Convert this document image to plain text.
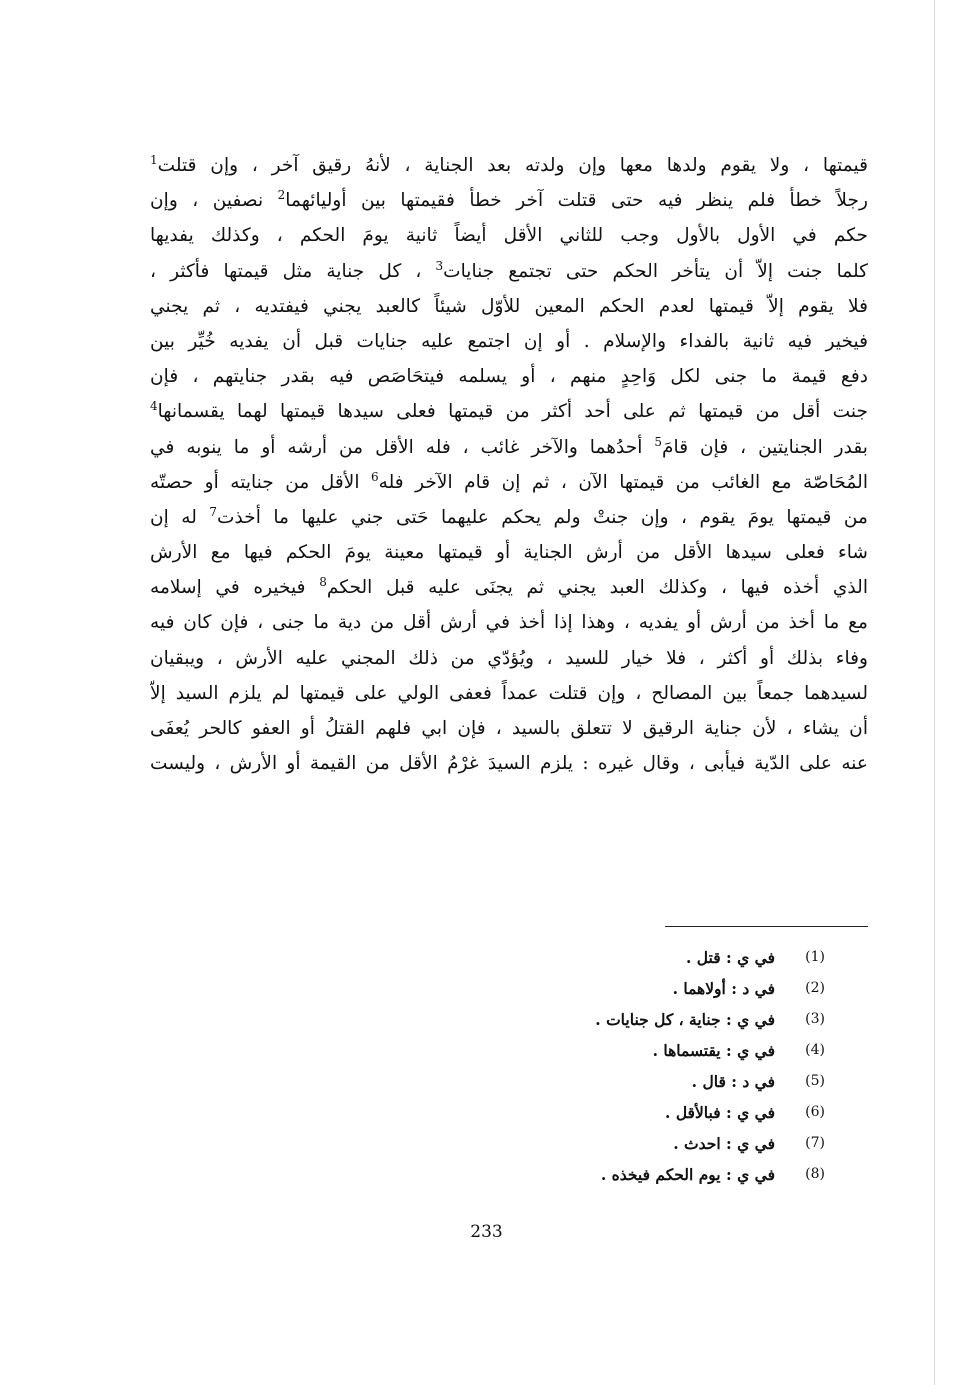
قيمتها ، ولا يقوم ولدها معها وإن ولدته بعد الجناية ، لأنهُ رقيق آخر ، وإن قتلت$^1$
رجلاً خطأ فلم ينظر فيه حتى قتلت آخر خطأ فقيمتها بين أوليائهما$^2$ نصفين ، وإن
حكم في الأول بالأول وجب للثاني الأقل أيضاً ثانية يومَ الحكم ، وكذلك يفديها
كلما جنت إلاّ أن يتأخر الحكم حتى تجتمع جنايات$^3$ ، كل جناية مثل قيمتها فأكثر ،
فلا يقوم إلاّ قيمتها لعدم الحكم المعين للأوّل شيئاً كالعبد يجني فيفتديه ، ثم يجني
فيخير فيه ثانية بالفداء والإسلام . أو إن اجتمع عليه جنايات قبل أن يفديه خُيِّر بين
دفع قيمة ما جنى لكل وَاحِدٍ منهم ، أو يسلمه فيتحَاصَص فيه بقدر جنايتهم ، فإن
جنت أقل من قيمتها ثم على أحد أكثر من قيمتها فعلى سيدها قيمتها لهما يقسمانها$^4$
بقدر الجنايتين ، فإن قامَ$^5$ أحدُهما والآخر غائب ، فله الأقل من أرشه أو ما ينوبه في
المُحَاصّة مع الغائب من قيمتها الآن ، ثم إن قام الآخر فله$^6$ الأقل من جنايته أو حصتّه
من قيمتها يومَ يقوم ، وإن جنتْ ولم يحكم عليهما حَتى جني عليها ما أخذت$^7$ له إن
شاء فعلى سيدها الأقل من أرش الجناية أو قيمتها معينة يومَ الحكم فيها مع الأرش
الذي أخذه فيها ، وكذلك العبد يجني ثم يجنَى عليه قبل الحكم$^8$ فيخيره في إسلامه
مع ما أخذ من أرش أو يفديه ، وهذا إذا أخذ في أرش أقل من دية ما جنى ، فإن كان فيه
وفاء بذلك أو أكثر ، فلا خيار للسيد ، ويُؤدّي من ذلك المجني عليه الأرش ، ويبقيان
لسيدهما جمعاً بين المصالح ، وإن قتلت عمداً فعفى الولي على قيمتها لم يلزم السيد إلاّ
أن يشاء ، لأن جناية الرقيق لا تتعلق بالسيد ، فإن ابي فلهم القتلُ أو العفو كالحر يُعفَى
عنه على الدّية فيأبى ، وقال غيره : يلزم السيدَ غرْمُ الأقل من القيمة أو الأرش ، وليست
(1)
في ي : قتل .
(2)
في د : أولاهما .
(3)
في ي : جناية ، كل جنايات .
(4)
في ي : يقتسماها .
(5)
في د : قال .
(6)
في ي : فبالأقل .
(7)
في ي : احدث .
(8)
في ي : يوم الحكم فيخذه .
233
